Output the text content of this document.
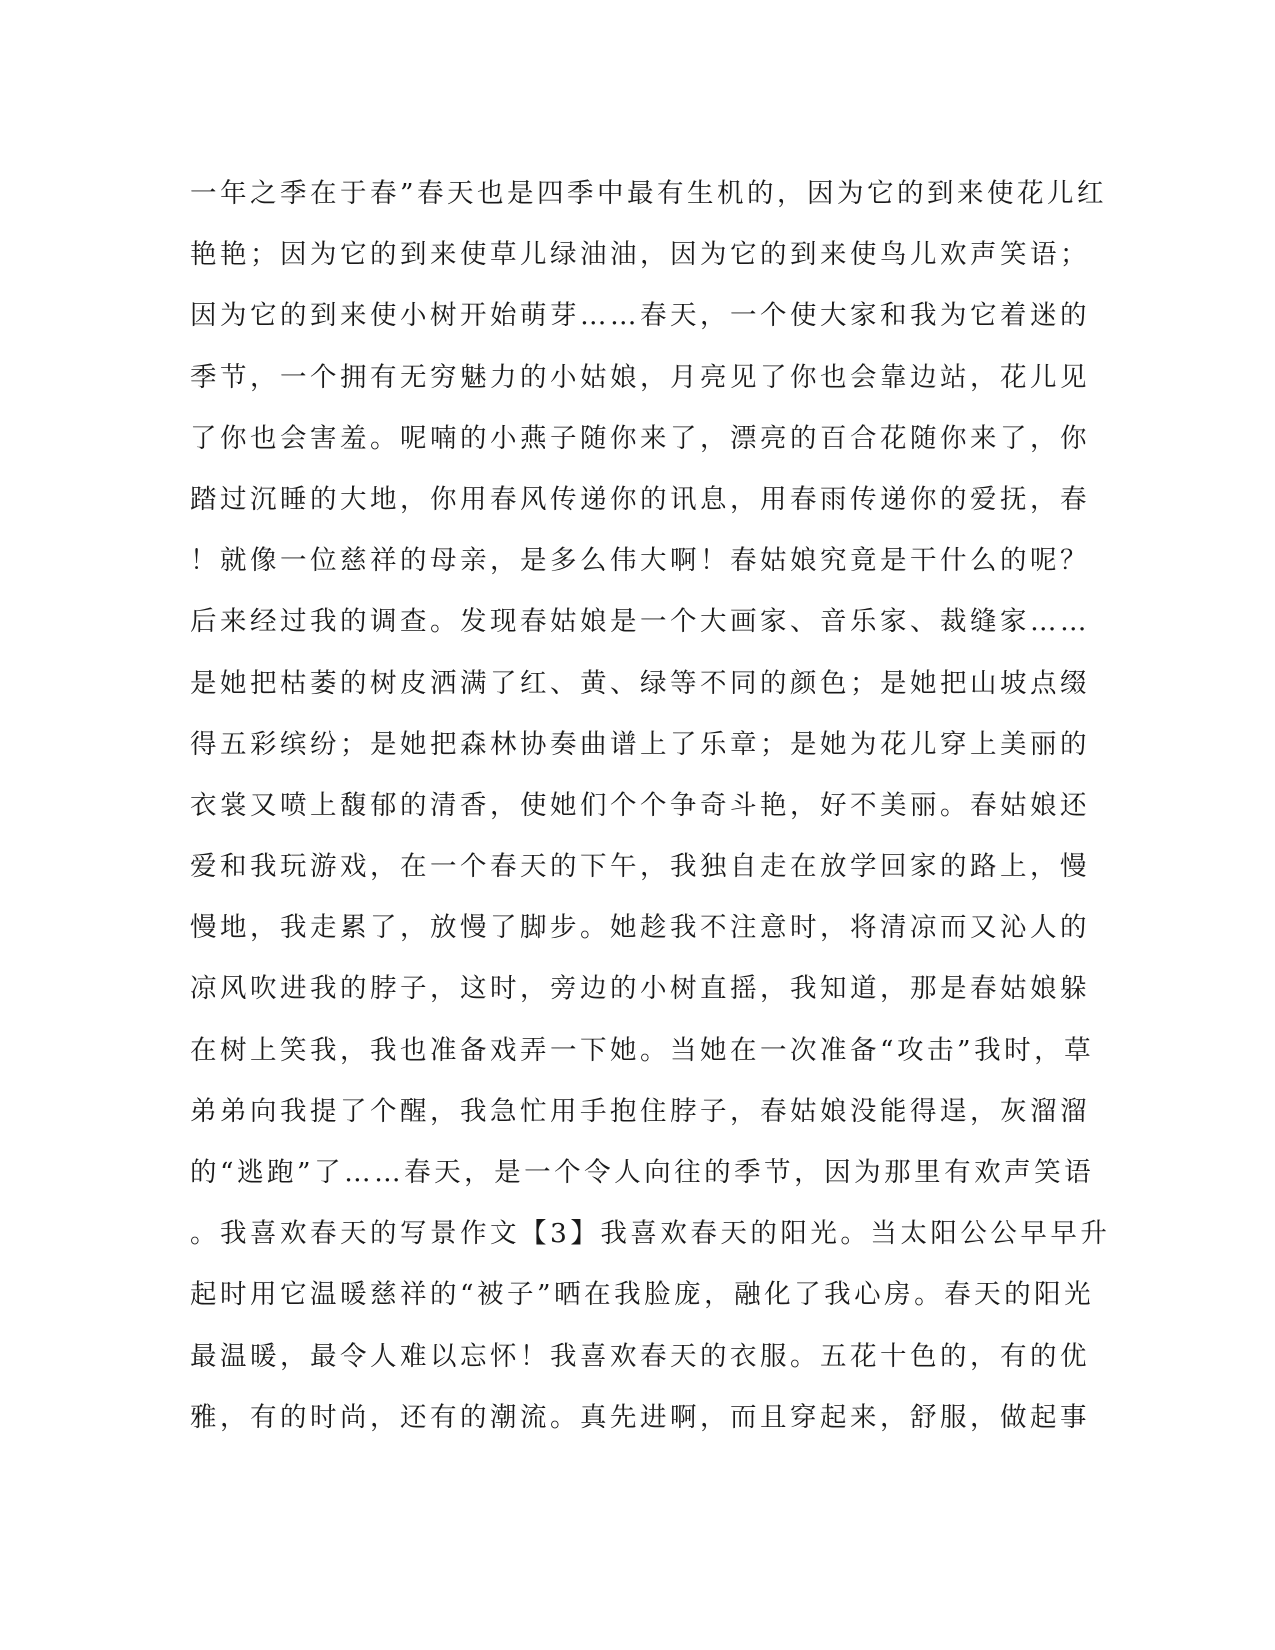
一年之季在于春”春天也是四季中最有生机的，因为它的到来使花儿红
艳艳；因为它的到来使草儿绿油油，因为它的到来使鸟儿欢声笑语；
因为它的到来使小树开始萌芽……春天，一个使大家和我为它着迷的
季节，一个拥有无穷魅力的小姑娘，月亮见了你也会靠边站，花儿见
了你也会害羞。呢喃的小燕子随你来了，漂亮的百合花随你来了，你
踏过沉睡的大地，你用春风传递你的讯息，用春雨传递你的爱抚，春
！就像一位慈祥的母亲，是多么伟大啊！春姑娘究竟是干什么的呢？
后来经过我的调查。发现春姑娘是一个大画家、音乐家、裁缝家……
是她把枯萎的树皮洒满了红、黄、绿等不同的颜色；是她把山坡点缀
得五彩缤纷；是她把森林协奏曲谱上了乐章；是她为花儿穿上美丽的
衣裳又喷上馥郁的清香，使她们个个争奇斗艳，好不美丽。春姑娘还
爱和我玩游戏，在一个春天的下午，我独自走在放学回家的路上，慢
慢地，我走累了，放慢了脚步。她趁我不注意时，将清凉而又沁人的
凉风吹进我的脖子，这时，旁边的小树直摇，我知道，那是春姑娘躲
在树上笑我，我也准备戏弄一下她。当她在一次准备“攻击”我时，草
弟弟向我提了个醒，我急忙用手抱住脖子，春姑娘没能得逞，灰溜溜
的“逃跑”了……春天，是一个令人向往的季节，因为那里有欢声笑语
。我喜欢春天的写景作文【3】我喜欢春天的阳光。当太阳公公早早升
起时用它温暖慈祥的“被子”晒在我脸庞，融化了我心房。春天的阳光
最温暖，最令人难以忘怀！我喜欢春天的衣服。五花十色的，有的优
雅，有的时尚，还有的潮流。真先进啊，而且穿起来，舒服，做起事
